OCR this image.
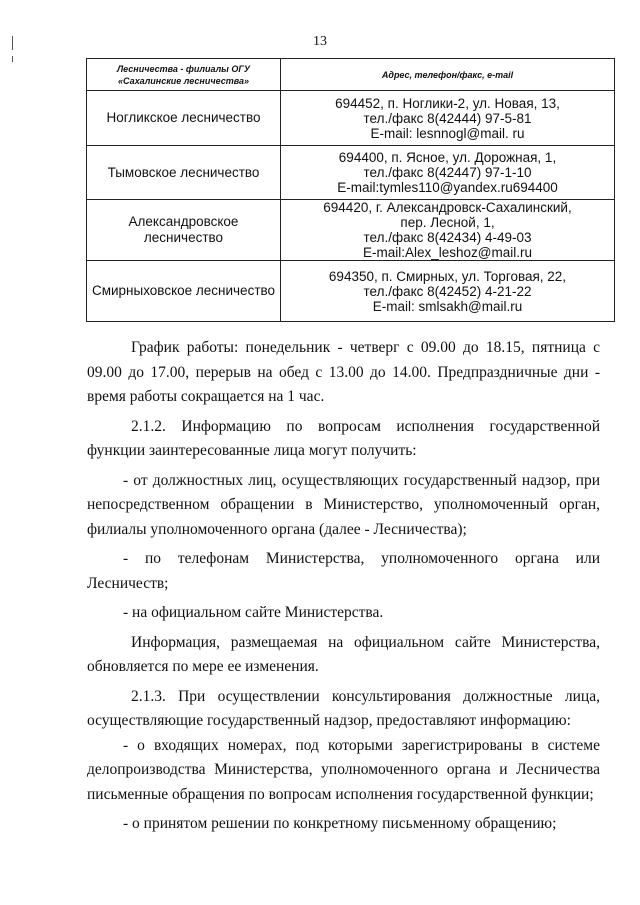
13
Лесничества - филиалы ОГУ
«Сахалинские лесничества»	Адрес, телефон/факс, e-mail
Ногликское лесничество	694452, п. Ноглики-2, ул. Новая, 13,
тел./факс 8(42444) 97-5-81
E-mail: lesnnogl@mail. ru

Тымовское лесничество	694400, п. Ясное, ул. Дорожная, 1,
тел./факс 8(42447) 97-1-10
E-mail:tymles110@yandex.ru694400

Александровское лесничество	694420, г. Александровск-Сахалинский,
пер. Лесной, 1,
тел./факс 8(42434) 4-49-03
E-mail:Alex_leshoz@mail.ru

Смирныховское лесничество	694350, п. Смирных, ул. Торговая, 22,
тел./факс 8(42452) 4-21-22
E-mail: smlsakh@mail.ru

График работы: понедельник - четверг с 09.00 до 18.15, пятница с 09.00 до 17.00, перерыв на обед с 13.00 до 14.00. Предпраздничные дни - время работы сокращается на 1 час.

2.1.2. Информацию по вопросам исполнения государственной функции заинтересованные лица могут получить:

- от должностных лиц, осуществляющих государственный надзор, при непосредственном обращении в Министерство, уполномоченный орган, филиалы уполномоченного органа (далее - Лесничества);

- по телефонам Министерства, уполномоченного органа или Лесничеств;

- на официальном сайте Министерства.

Информация, размещаемая на официальном сайте Министерства, обновляется по мере ее изменения.

2.1.3. При осуществлении консультирования должностные лица, осуществляющие государственный надзор, предоставляют информацию:

- о входящих номерах, под которыми зарегистрированы в системе делопроизводства Министерства, уполномоченного органа и Лесничества письменные обращения по вопросам исполнения государственной функции;

- о принятом решении по конкретному письменному обращению;
